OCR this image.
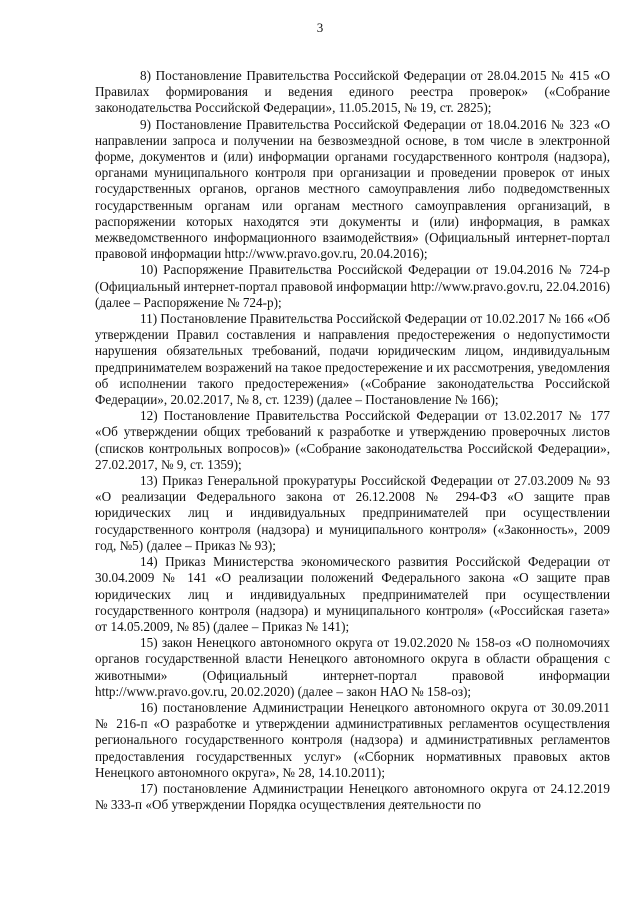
3

8) Постановление Правительства Российской Федерации от 28.04.2015 № 415 «О Правилах формирования и ведения единого реестра проверок» («Собрание законодательства Российской Федерации», 11.05.2015, № 19, ст. 2825);

9) Постановление Правительства Российской Федерации от 18.04.2016 № 323 «О направлении запроса и получении на безвозмездной основе, в том числе в электронной форме, документов и (или) информации органами государственного контроля (надзора), органами муниципального контроля при организации и проведении проверок от иных государственных органов, органов местного самоуправления либо подведомственных государственным органам или органам местного самоуправления организаций, в распоряжении которых находятся эти документы и (или) информация, в рамках межведомственного информационного взаимодействия» (Официальный интернет-портал правовой информации http://www.pravo.gov.ru, 20.04.2016);

10) Распоряжение Правительства Российской Федерации от 19.04.2016 № 724-р (Официальный интернет-портал правовой информации http://www.pravo.gov.ru, 22.04.2016) (далее – Распоряжение № 724-р);

11) Постановление Правительства Российской Федерации от 10.02.2017 № 166 «Об утверждении Правил составления и направления предостережения о недопустимости нарушения обязательных требований, подачи юридическим лицом, индивидуальным предпринимателем возражений на такое предостережение и их рассмотрения, уведомления об исполнении такого предостережения» («Собрание законодательства Российской Федерации», 20.02.2017, № 8, ст. 1239) (далее – Постановление № 166);

12) Постановление Правительства Российской Федерации от 13.02.2017 № 177 «Об утверждении общих требований к разработке и утверждению проверочных листов (списков контрольных вопросов)» («Собрание законодательства Российской Федерации», 27.02.2017, № 9, ст. 1359);

13) Приказ Генеральной прокуратуры Российской Федерации от 27.03.2009 № 93 «О реализации Федерального закона от 26.12.2008 № 294-ФЗ «О защите прав юридических лиц и индивидуальных предпринимателей при осуществлении государственного контроля (надзора) и муниципального контроля» («Законность», 2009 год, №5) (далее – Приказ № 93);

14) Приказ Министерства экономического развития Российской Федерации от 30.04.2009 № 141 «О реализации положений Федерального закона «О защите прав юридических лиц и индивидуальных предпринимателей при осуществлении государственного контроля (надзора) и муниципального контроля» («Российская газета» от 14.05.2009, № 85) (далее – Приказ № 141);

15) закон Ненецкого автономного округа от 19.02.2020 № 158-оз «О полномочиях органов государственной власти Ненецкого автономного округа в области обращения с животными» (Официальный интернет-портал правовой информации http://www.pravo.gov.ru, 20.02.2020) (далее – закон НАО № 158-оз);

16) постановление Администрации Ненецкого автономного округа от 30.09.2011 № 216-п «О разработке и утверждении административных регламентов осуществления регионального государственного контроля (надзора) и административных регламентов предоставления государственных услуг» («Сборник нормативных правовых актов Ненецкого автономного округа», № 28, 14.10.2011);

17) постановление Администрации Ненецкого автономного округа от 24.12.2019 № 333-п «Об утверждении Порядка осуществления деятельности по
